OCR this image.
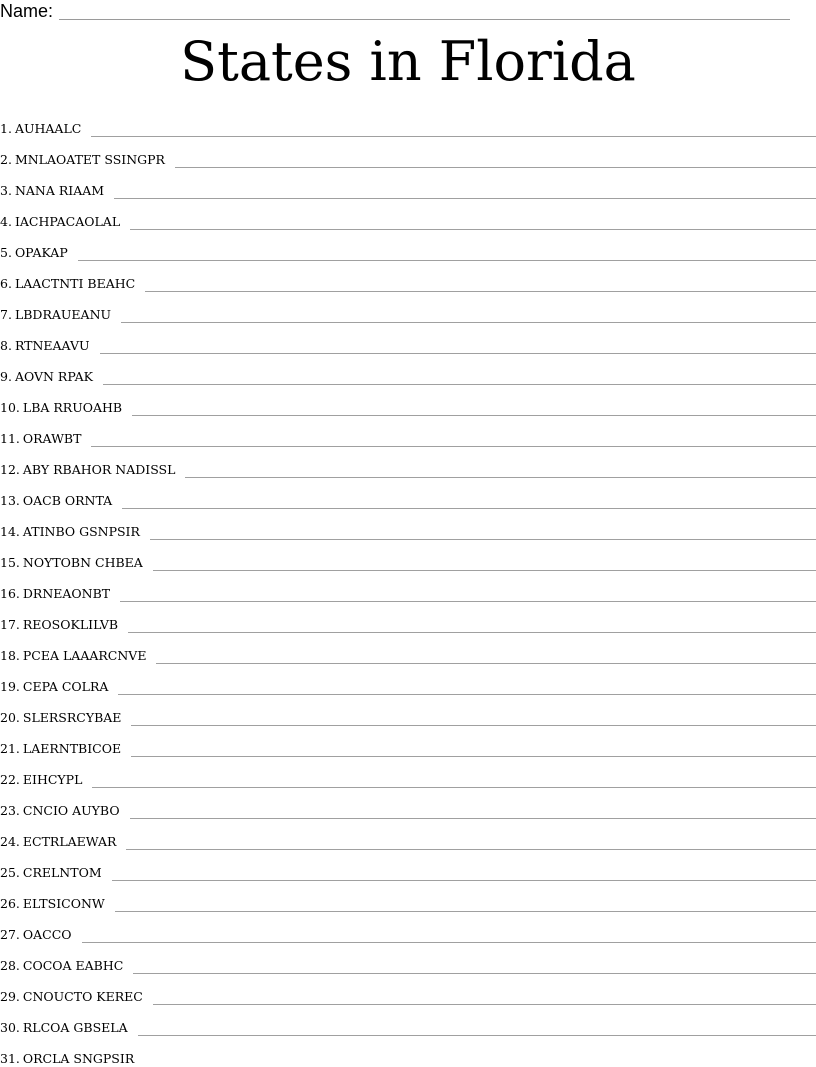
Name:
States in Florida
1. AUHAALC
2. MNLAOATET SSINGPR
3. NANA RIAAM
4. IACHPACAOLAL
5. OPAKAP
6. LAACTNTI BEAHC
7. LBDRAUEANU
8. RTNEAAVU
9. AOVN RPAK
10. LBA RRUOAHB
11. ORAWBT
12. ABY RBAHOR NADISSL
13. OACB ORNTA
14. ATINBO GSNPSIR
15. NOYTOBN CHBEA
16. DRNEAONBT
17. REOSOKLILVB
18. PCEA LAAARCNVE
19. CEPA COLRA
20. SLERSRCYBAE
21. LAERNTBICOE
22. EIHCYPL
23. CNCIO AUYBO
24. ECTRLAEWAR
25. CRELNTOM
26. ELTSICONW
27. OACCO
28. COCOA EABHC
29. CNOUCTO KEREC
30. RLCOA GBSELA
31. ORCLA SNGPSIR
